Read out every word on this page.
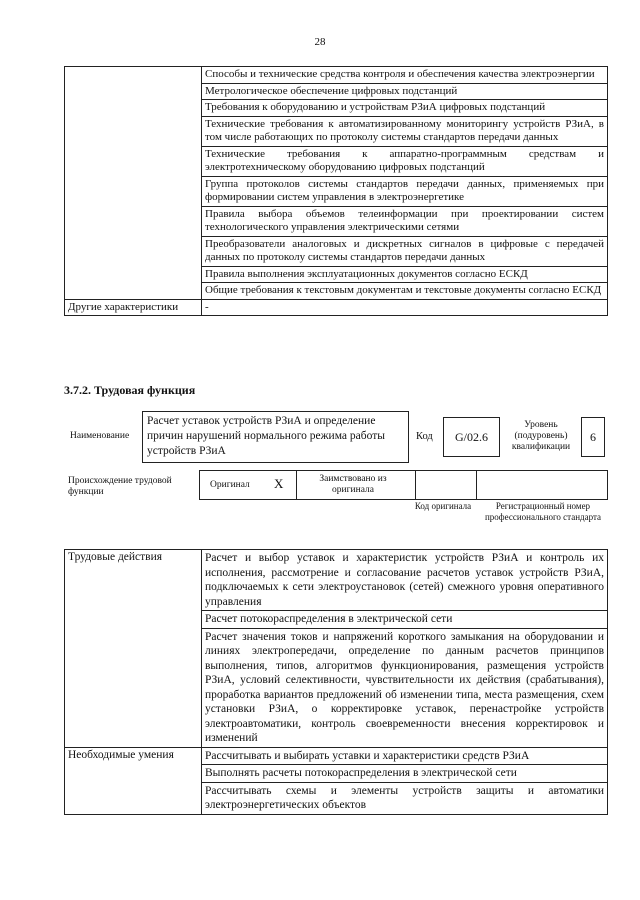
28
	Способы и технические средства контроля и обеспечения качества электроэнергии
	Метрологическое обеспечение цифровых подстанций
	Требования к оборудованию и устройствам РЗиА цифровых подстанций
	Технические требования к автоматизированному мониторингу устройств РЗиА, в том числе работающих по протоколу системы стандартов передачи данных
	Технические требования к аппаратно-программным средствам и электротехническому оборудованию цифровых подстанций
	Группа протоколов системы стандартов передачи данных, применяемых при формировании систем управления в электроэнергетике
	Правила выбора объемов телеинформации при проектировании систем технологического управления электрическими сетями
	Преобразователи аналоговых и дискретных сигналов в цифровые с передачей данных по протоколу системы стандартов передачи данных
	Правила выполнения эксплуатационных документов согласно ЕСКД
	Общие требования к текстовым документам и текстовые документы согласно ЕСКД
Другие характеристики	-
3.7.2. Трудовая функция
Наименование
Расчет уставок устройств РЗиА и определение причин нарушений нормального режима работы устройств РЗиА
Код	G/02.6
Уровень (подуровень) квалификации
6
Происхождение трудовой функции
Оригинал X	Заимствовано из оригинала
Код оригинала	Регистрационный номер профессионального стандарта
Трудовые действия	Расчет и выбор уставок и характеристик устройств РЗиА и контроль их исполнения, рассмотрение и согласование расчетов уставок устройств РЗиА, подключаемых к сети электроустановок (сетей) смежного уровня оперативного управления
	Расчет потокораспределения в электрической сети
	Расчет значения токов и напряжений короткого замыкания на оборудовании и линиях электропередачи, определение по данным расчетов принципов выполнения, типов, алгоритмов функционирования, размещения устройств РЗиА, условий селективности, чувствительности их действия (срабатывания), проработка вариантов предложений об изменении типа, места размещения, схем установки РЗиА, о корректировке уставок, перенастройке устройств электроавтоматики, контроль своевременности внесения корректировок и изменений
Необходимые умения	Рассчитывать и выбирать уставки и характеристики средств РЗиА
	Выполнять расчеты потокораспределения в электрической сети
	Рассчитывать схемы и элементы устройств защиты и автоматики электроэнергетических объектов
